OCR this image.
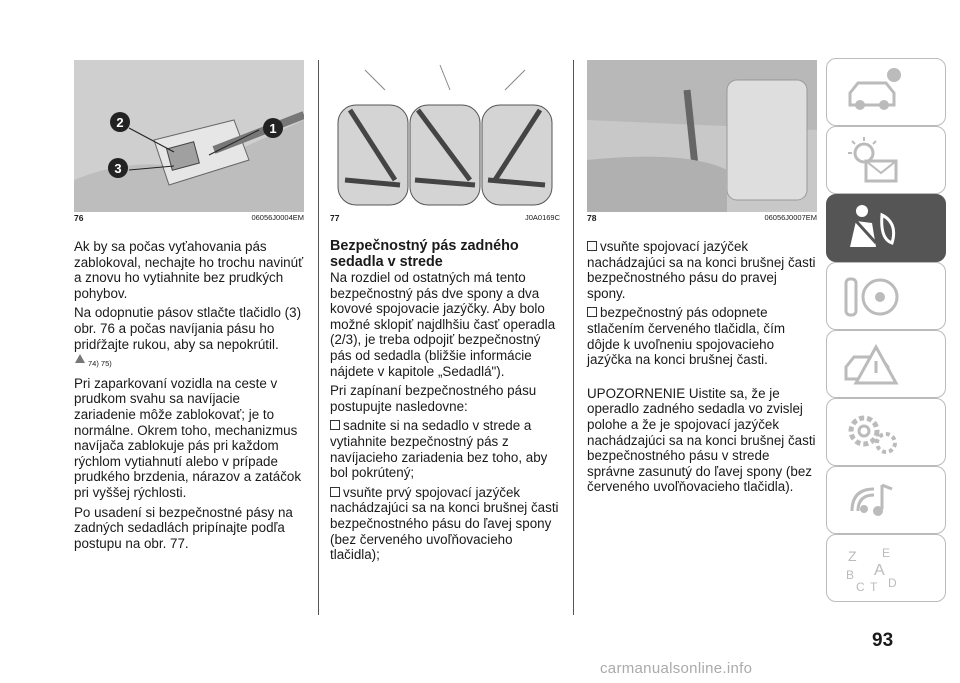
2	1
3
76	06056J0004EM

Ak by sa počas vyťahovania pás zablokoval, nechajte ho trochu navinúť a znovu ho vytiahnite bez prudkých pohybov.

Na odopnutie pásov stlačte tlačidlo (3) obr. 76 a počas navíjania pásu ho pridŕžajte rukou, aby sa nepokrútil.

74) 75)

Pri zaparkovaní vozidla na ceste v prudkom svahu sa navíjacie zariadenie môže zablokovať; je to normálne. Okrem toho, mechanizmus navíjača zablokuje pás pri každom rýchlom vytiahnutí alebo v prípade prudkého brzdenia, nárazov a zatáčok pri vyššej rýchlosti.

Po usadení si bezpečnostné pásy na zadných sedadlách pripínajte podľa postupu na obr. 77.

77	J0A0169C
Bezpečnostný pás zadného sedadla v strede

Na rozdiel od ostatných má tento bezpečnostný pás dve spony a dva kovové spojovacie jazýčky. Aby bolo možné sklopiť najdlhšiu časť operadla (2/3), je treba odpojiť bezpečnostný pás od sedadla (bližšie informácie nájdete v kapitole „Sedadlá").

Pri zapínaní bezpečnostného pásu postupujte nasledovne:

sadnite si na sedadlo v strede a vytiahnite bezpečnostný pás z navíjacieho zariadenia bez toho, aby bol pokrútený;

vsuňte prvý spojovací jazýček nachádzajúci sa na konci brušnej časti bezpečnostného pásu do ľavej spony (bez červeného uvoľňovacieho tlačidla);

78	06056J0007EM

vsuňte spojovací jazýček nachádzajúci sa na konci brušnej časti bezpečnostného pásu do pravej spony.

bezpečnostný pás odopnete stlačením červeného tlačidla, čím dôjde k uvoľneniu spojovacieho jazýčka na konci brušnej časti.

UPOZORNENIE Uistite sa, že je operadlo zadného sedadla vo zvislej polohe a že je spojovací jazýček nachádzajúci sa na konci brušnej časti bezpečnostného pásu v strede správne zasunutý do ľavej spony (bez červeného uvoľňovacieho tlačidla).

Z E
B A
C T D
93
carmanualsonline.info
